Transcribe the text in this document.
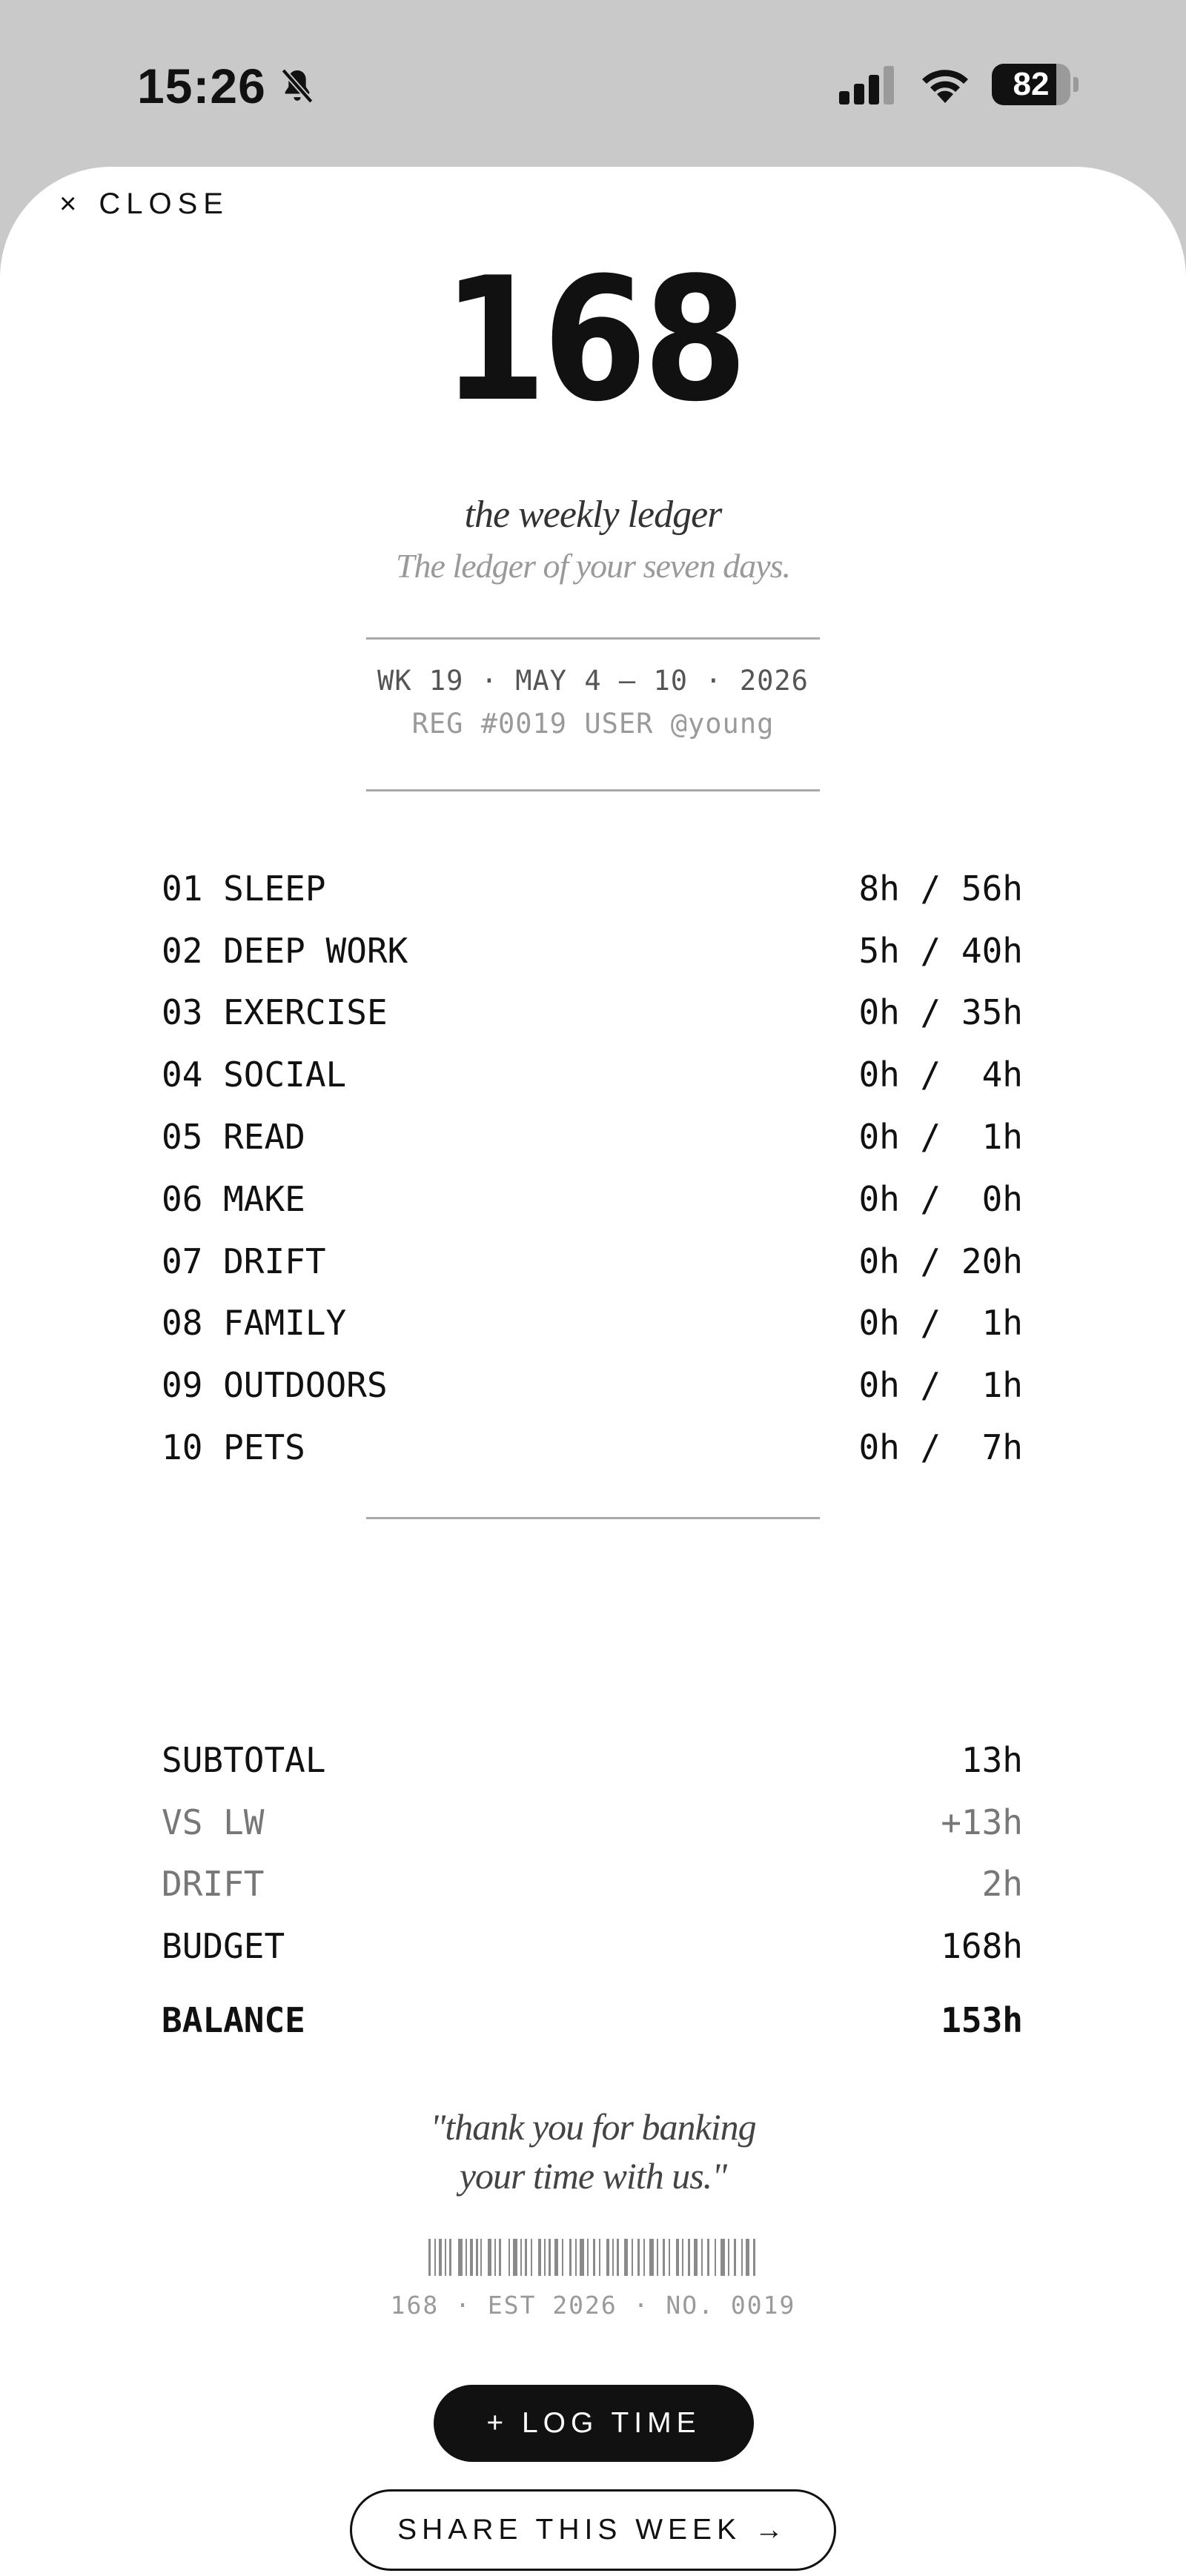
15:26	82
× CLOSE
168
the weekly ledger
The ledger of your seven days.
WK 19 · MAY 4 — 10 · 2026
REG #0019 USER @young
01 SLEEP	8h / 56h
02 DEEP WORK	5h / 40h
03 EXERCISE	0h / 35h
04 SOCIAL	0h /  4h
05 READ	0h /  1h
06 MAKE	0h /  0h
07 DRIFT	0h / 20h
08 FAMILY	0h /  1h
09 OUTDOORS	0h /  1h
10 PETS	0h /  7h
SUBTOTAL	13h
VS LW	+13h
DRIFT	2h
BUDGET	168h
BALANCE	153h
"thank you for banking
your time with us."
168 · EST 2026 · NO. 0019
+ LOG TIME
SHARE THIS WEEK →
